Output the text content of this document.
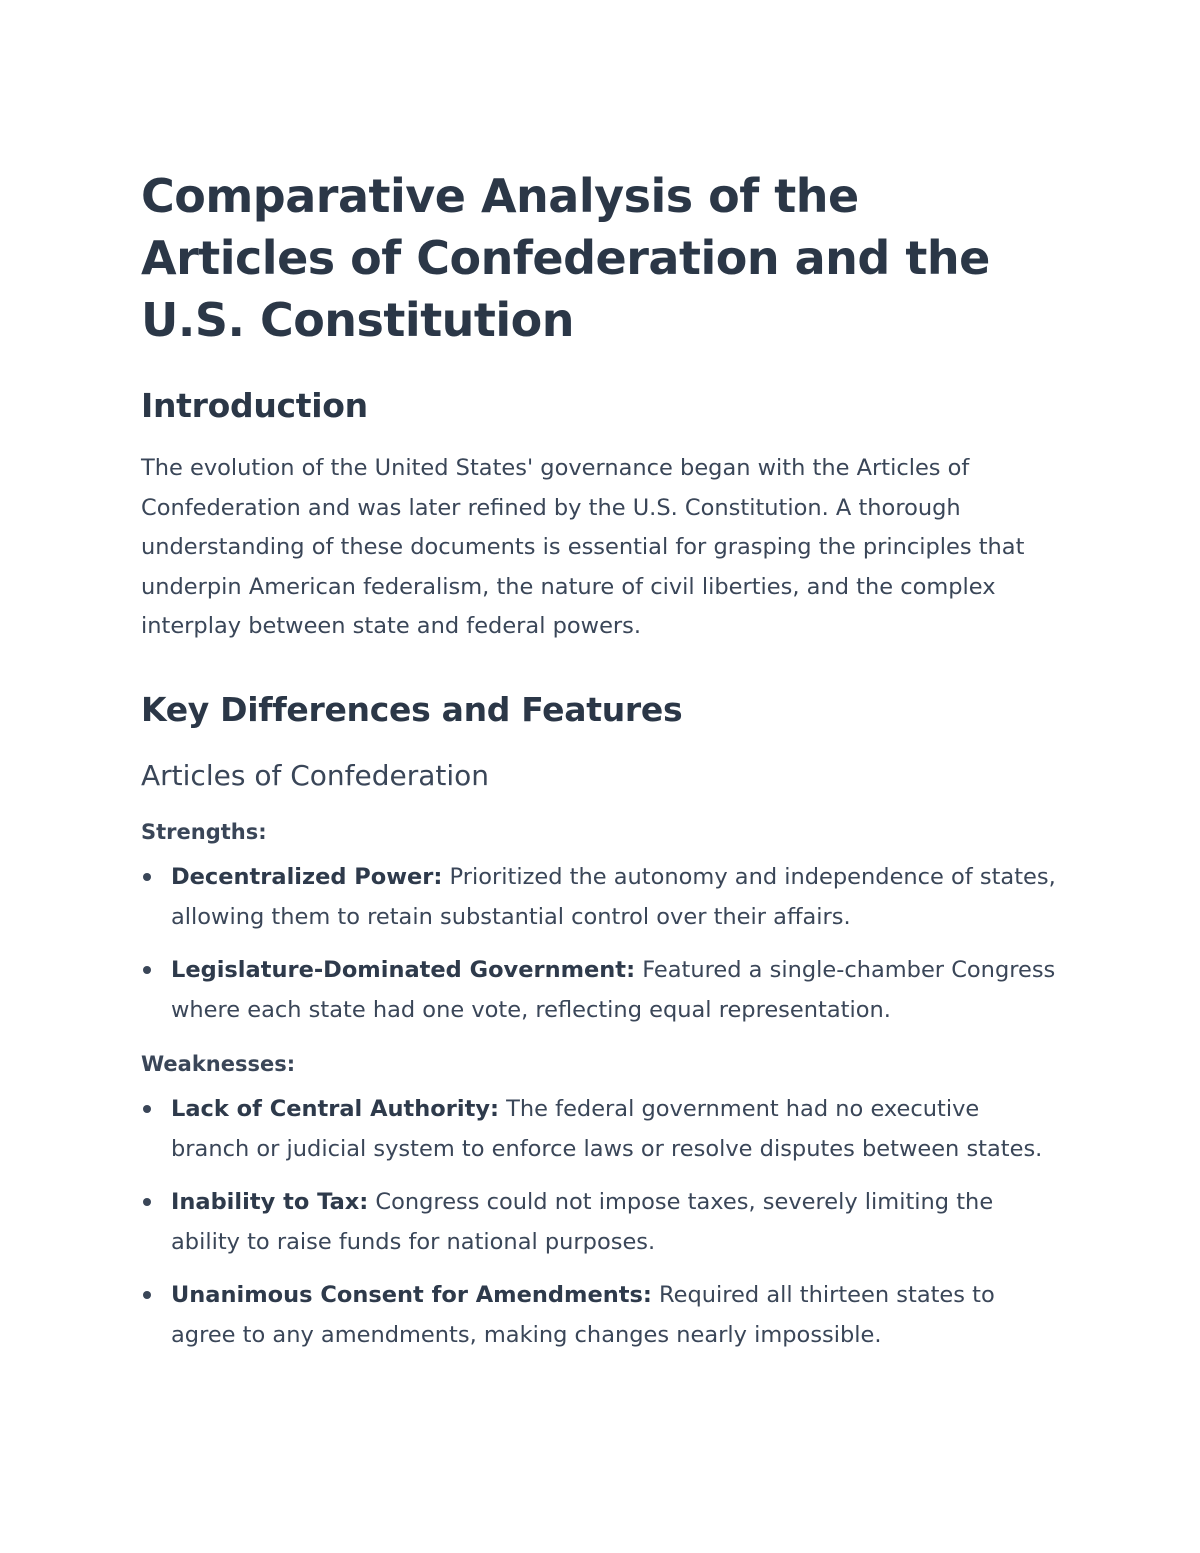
Comparative Analysis of the Articles of Confederation and the U.S. Constitution
Introduction

The evolution of the United States' governance began with the Articles of Confederation and was later refined by the U.S. Constitution. A thorough understanding of these documents is essential for grasping the principles that underpin American federalism, the nature of civil liberties, and the complex interplay between state and federal powers.

Key Differences and Features
Articles of Confederation
Strengths:
Decentralized Power: Prioritized the autonomy and independence of states, allowing them to retain substantial control over their affairs.
Legislature-Dominated Government: Featured a single-chamber Congress where each state had one vote, reflecting equal representation.
Weaknesses:
Lack of Central Authority: The federal government had no executive branch or judicial system to enforce laws or resolve disputes between states.
Inability to Tax: Congress could not impose taxes, severely limiting the ability to raise funds for national purposes.
Unanimous Consent for Amendments: Required all thirteen states to agree to any amendments, making changes nearly impossible.
